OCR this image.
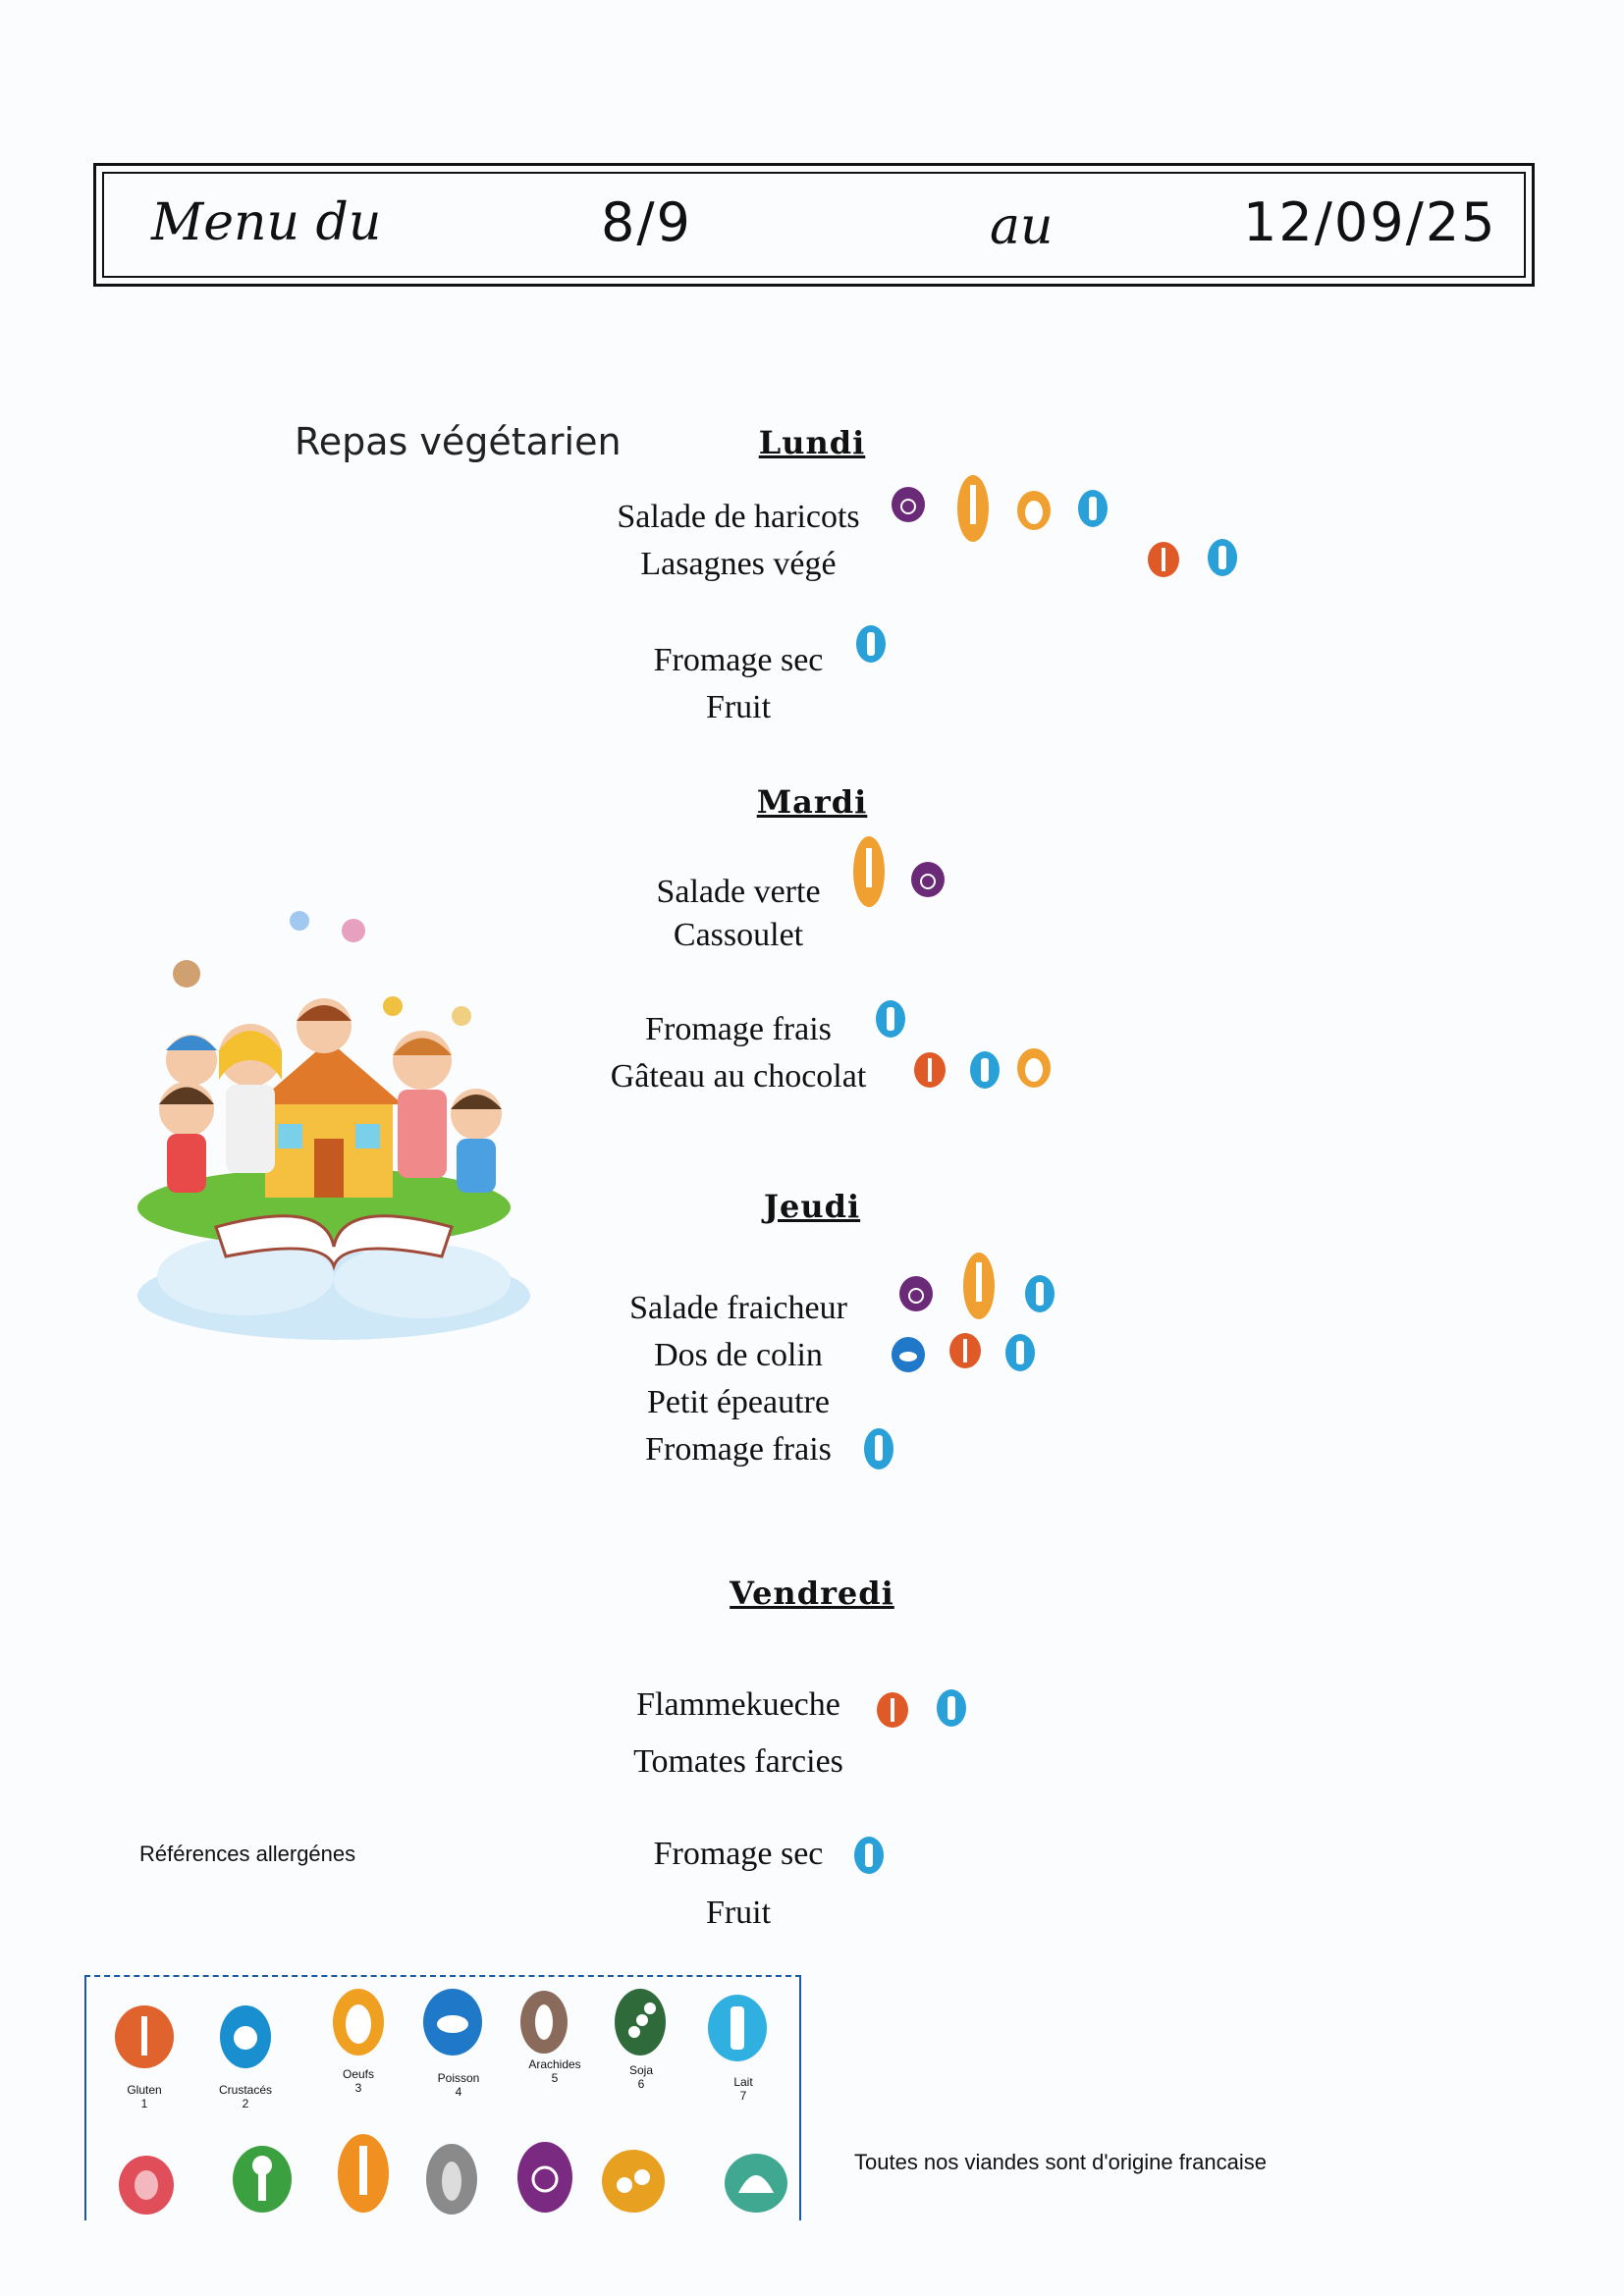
Menu du	8/9	au	12/09/25
Repas végétarien	Lundi
Salade de haricots
Lasagnes végé
Fromage sec
Fruit
Mardi
Salade verte
Cassoulet
Fromage frais
Gâteau au chocolat
Jeudi
Salade fraicheur
Dos de colin
Petit épeautre
Fromage frais
Vendredi
Flammekueche
Tomates farcies
Fromage sec
Fruit
Références allergénes
Gluten
1
Crustacés
2
Oeufs
3
Poisson
4
Arachides
5
Soja
6	Lait
7
Toutes nos viandes sont d'origine francaise
